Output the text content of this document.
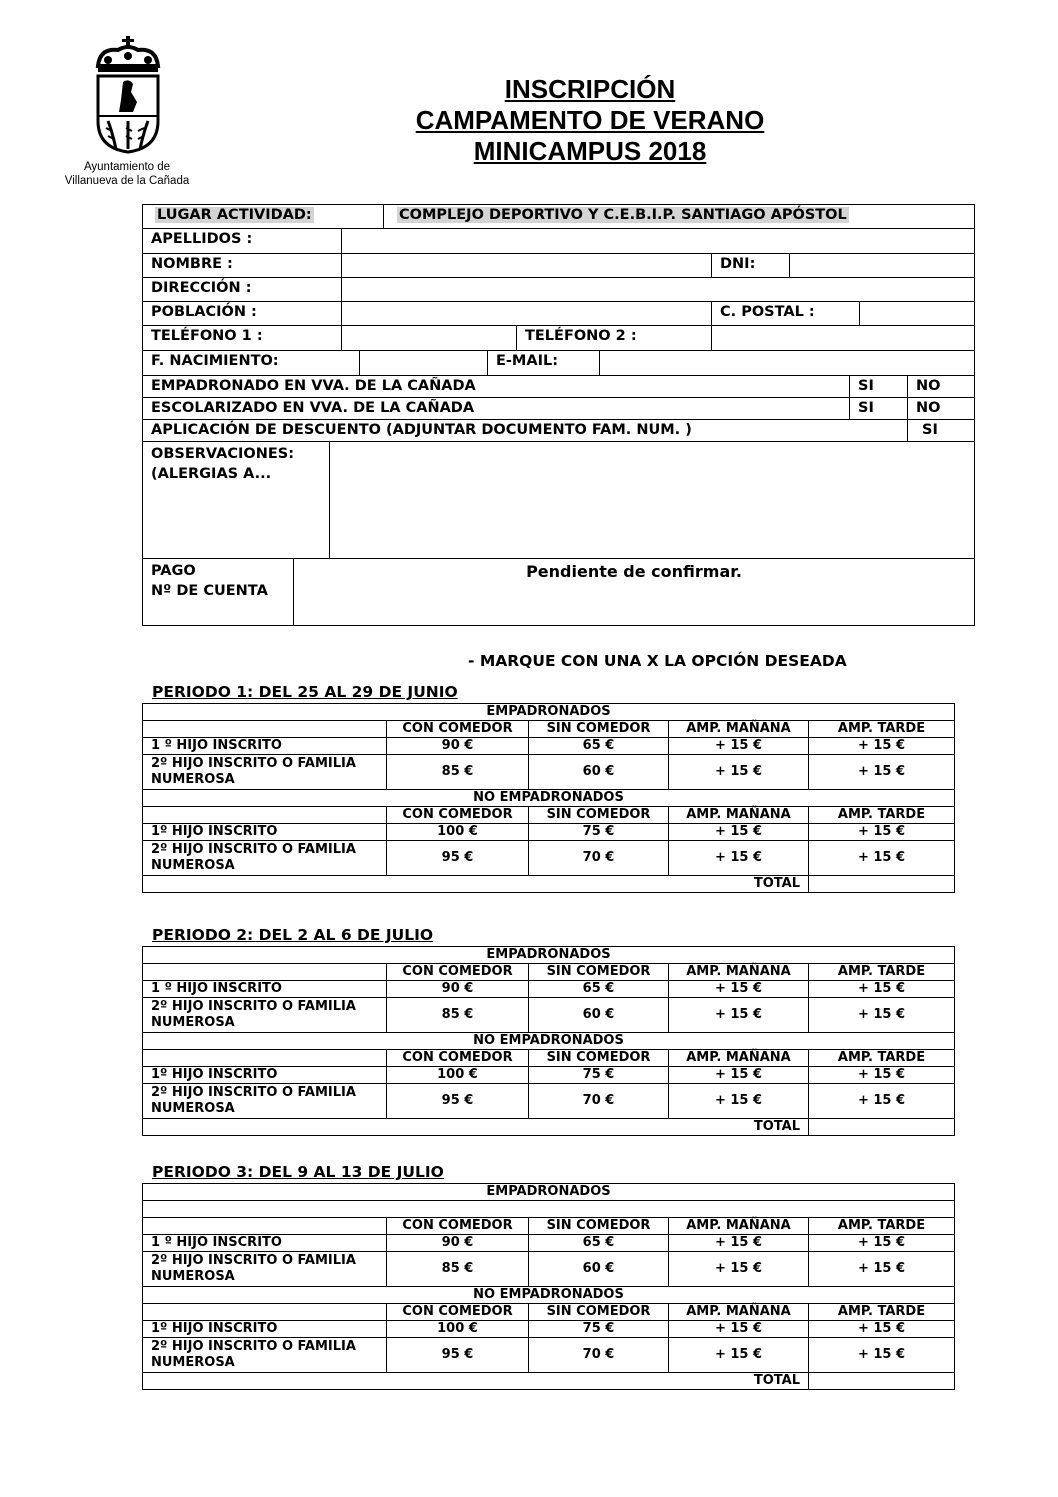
Ayuntamiento de
Villanueva de la Cañada
INSCRIPCIÓN
CAMPAMENTO DE VERANO
MINICAMPUS 2018
LUGAR ACTIVIDAD:	COMPLEJO DEPORTIVO Y C.E.B.I.P. SANTIAGO APÓSTOL
APELLIDOS :
NOMBRE :	DNI:
DIRECCIÓN :
POBLACIÓN :	C. POSTAL :
TELÉFONO 1 :	TELÉFONO 2 :
F. NACIMIENTO:	E-MAIL:
EMPADRONADO EN VVA. DE LA CAÑADA	SI	NO
ESCOLARIZADO EN VVA. DE LA CAÑADA	SI	NO
APLICACIÓN DE DESCUENTO (ADJUNTAR DOCUMENTO FAM. NUM. )	SI
OBSERVACIONES:
(ALERGIAS A...
PAGO
Nº DE CUENTA
Pendiente de confirmar.
- MARQUE CON UNA X LA OPCIÓN DESEADA
PERIODO 1: DEL 25 AL 29 DE JUNIO
PERIODO 2: DEL 2 AL 6 DE JULIO
PERIODO 3: DEL 9 AL 13 DE JULIO
EMPADRONADOS				
	CON COMEDOR	SIN COMEDOR	AMP. MAÑANA	AMP. TARDE
1 º HIJO INSCRITO	90 €	65 €	+ 15 €	+ 15 €

2º HIJO INSCRITO O FAMILIA
NUMEROSA	85 €	60 €	+ 15 €	+ 15 €
NO EMPADRONADOS				
	CON COMEDOR	SIN COMEDOR	AMP. MAÑANA	AMP. TARDE
1º HIJO INSCRITO	100 €	75 €	+ 15 €	+ 15 €

2º HIJO INSCRITO O FAMILIA
NUMEROSA	95 €	70 €	+ 15 €	+ 15 €
TOTAL				
EMPADRONADOS				
	CON COMEDOR	SIN COMEDOR	AMP. MAÑANA	AMP. TARDE
1 º HIJO INSCRITO	90 €	65 €	+ 15 €	+ 15 €

2º HIJO INSCRITO O FAMILIA
NUMEROSA	85 €	60 €	+ 15 €	+ 15 €
NO EMPADRONADOS				
	CON COMEDOR	SIN COMEDOR	AMP. MAÑANA	AMP. TARDE
1º HIJO INSCRITO	100 €	75 €	+ 15 €	+ 15 €

2º HIJO INSCRITO O FAMILIA
NUMEROSA	95 €	70 €	+ 15 €	+ 15 €
TOTAL				
EMPADRONADOS				

	CON COMEDOR	SIN COMEDOR	AMP. MAÑANA	AMP. TARDE
1 º HIJO INSCRITO	90 €	65 €	+ 15 €	+ 15 €

2º HIJO INSCRITO O FAMILIA
NUMEROSA	85 €	60 €	+ 15 €	+ 15 €
NO EMPADRONADOS				
	CON COMEDOR	SIN COMEDOR	AMP. MAÑANA	AMP. TARDE
1º HIJO INSCRITO	100 €	75 €	+ 15 €	+ 15 €

2º HIJO INSCRITO O FAMILIA
NUMEROSA	95 €	70 €	+ 15 €	+ 15 €
TOTAL				
